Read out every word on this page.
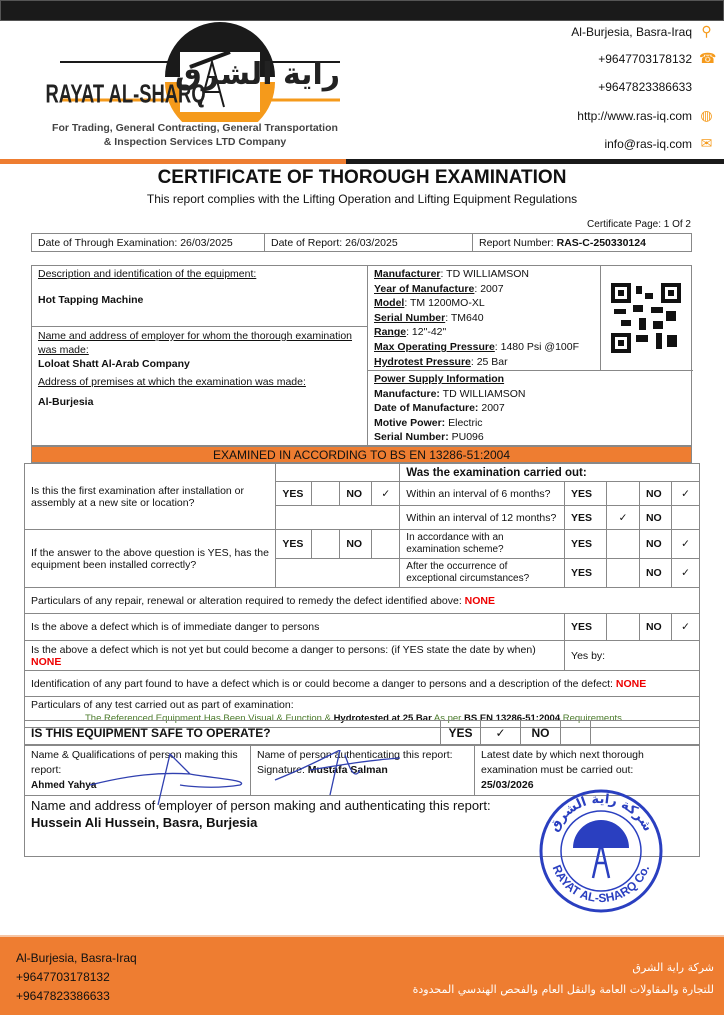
RAYAT AL-SHARQ
راية الشرق
For Trading, General Contracting, General Transportation
& Inspection Services LTD Company
Al-Burjesia, Basra-Iraq ⚲
+9647703178132 ☎
+9647823386633
http://www.ras-iq.com ◍
info@ras-iq.com ✉
CERTIFICATE OF THOROUGH EXAMINATION
This report complies with the Lifting Operation and Lifting Equipment Regulations
Certificate Page: 1 Of 2
Date of Through Examination: 26/03/2025	Date of Report: 26/03/2025	Report Number: RAS-C-250330124
Description and identification of the equipment:
Hot Tapping Machine
Name and address of employer for whom the thorough examination was made:
Loloat Shatt Al-Arab Company
Address of premises at which the examination was made:
Al-Burjesia
Manufacturer: TD WILLIAMSON
Year of Manufacture: 2007
Model: TM 1200MO-XL
Serial Number: TM640
Range: 12"-42"
Max Operating Pressure: 1480 Psi @100F
Hydrotest Pressure: 25 Bar
Power Supply Information
Manufacture: TD WILLIAMSON
Date of Manufacture: 2007
Motive Power: Electric
Serial Number: PU096
EXAMINED IN ACCORDING TO BS EN 13286-51:2004
Is this the first examination after installation or assembly at a new site or location?					Was the examination carried out:				
	YES		NO	✓	Within an interval of 6 months?	YES		NO	✓
					Within an interval of 12 months?	YES	✓	NO	
If the answer to the above question is YES, has the equipment been installed correctly?	YES		NO		In accordance with an examination scheme?	YES		NO	✓
					After the occurrence of exceptional circumstances?	YES		NO	✓
Particulars of any repair, renewal or alteration required to remedy the defect identified above: NONE									
Is the above a defect which is of immediate danger to persons						YES		NO	✓
Is the above a defect which is not yet but could become a danger to persons: (if YES state the date by when) NONE						Yes by:			
Identification of any part found to have a defect which is or could become a danger to persons and a description of the defect: NONE									

Particulars of any test carried out as part of examination:
The Referenced Equipment Has Been Visual & Function & Hydrotested at 25 Bar As per BS EN 13286-51:2004 Requirements.									
IS THIS EQUIPMENT SAFE TO OPERATE?	YES	✓	NO		
Name & Qualifications of person making this report:
Ahmed Yahya

Name of person authenticating this report:
Signature: Mustafa Salman

Latest date by which next thorough examination must be carried out:
25/03/2026
Name and address of employer of person making and authenticating this report:
Hussein Ali Hussein, Basra, Burjesia	شركة راية الشرق
RAYAT AL-SHARQ Co.
Al-Burjesia, Basra-Iraq
+9647703178132
+9647823386633
شركة راية الشرق
للتجارة والمقاولات العامة والنقل العام والفحص الهندسي المحدودة
